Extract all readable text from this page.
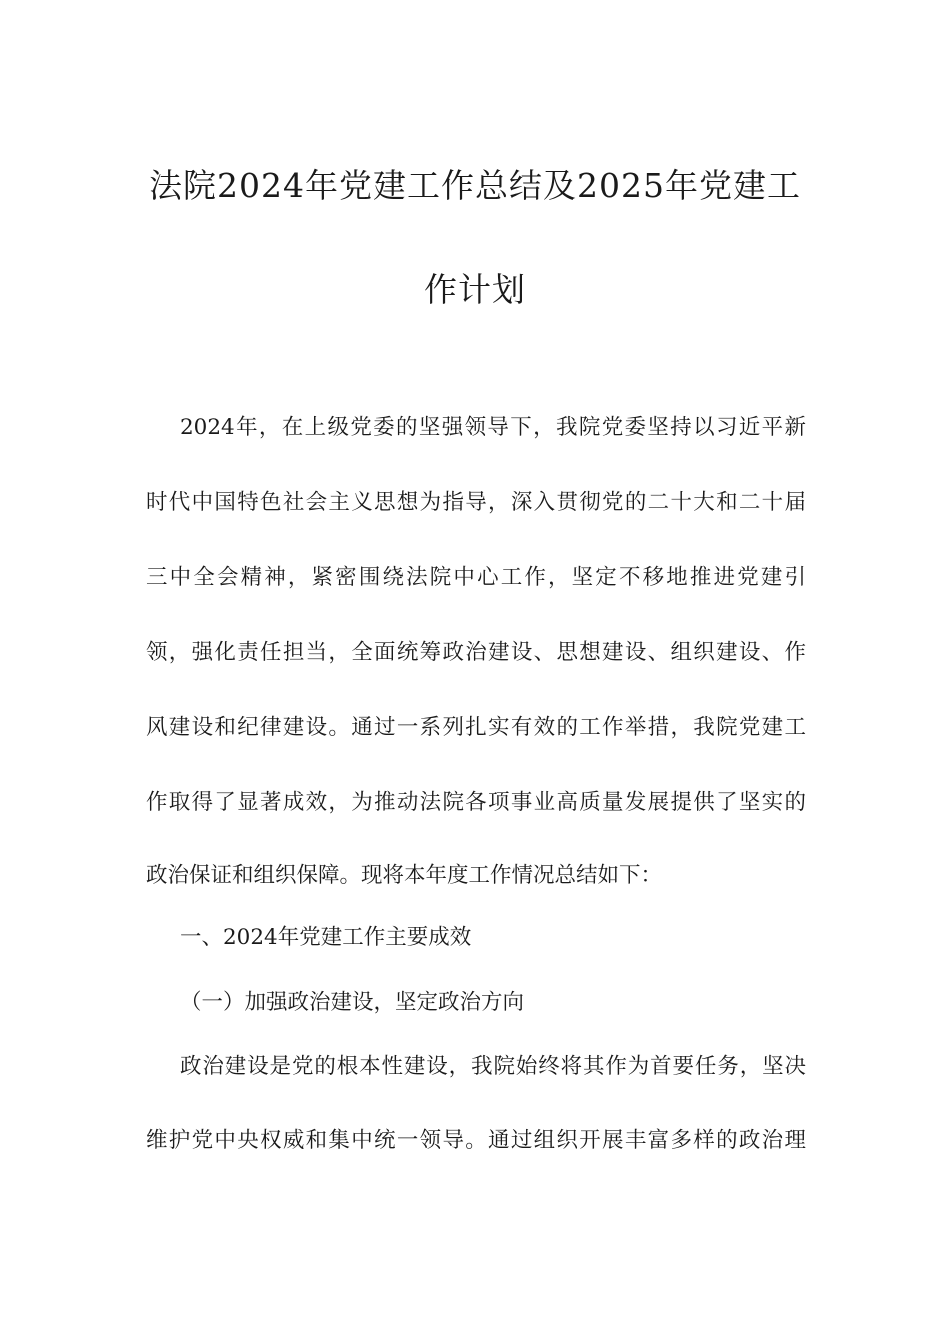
法院2024年党建工作总结及2025年党建工
作计划
2024年，在上级党委的坚强领导下，我院党委坚持以习近平新
时代中国特色社会主义思想为指导，深入贯彻党的二十大和二十届
三中全会精神，紧密围绕法院中心工作，坚定不移地推进党建引
领，强化责任担当，全面统筹政治建设、思想建设、组织建设、作
风建设和纪律建设。通过一系列扎实有效的工作举措，我院党建工
作取得了显著成效，为推动法院各项事业高质量发展提供了坚实的
政治保证和组织保障。现将本年度工作情况总结如下：
一、2024年党建工作主要成效
（一）加强政治建设，坚定政治方向
政治建设是党的根本性建设，我院始终将其作为首要任务，坚决
维护党中央权威和集中统一领导。通过组织开展丰富多样的政治理
